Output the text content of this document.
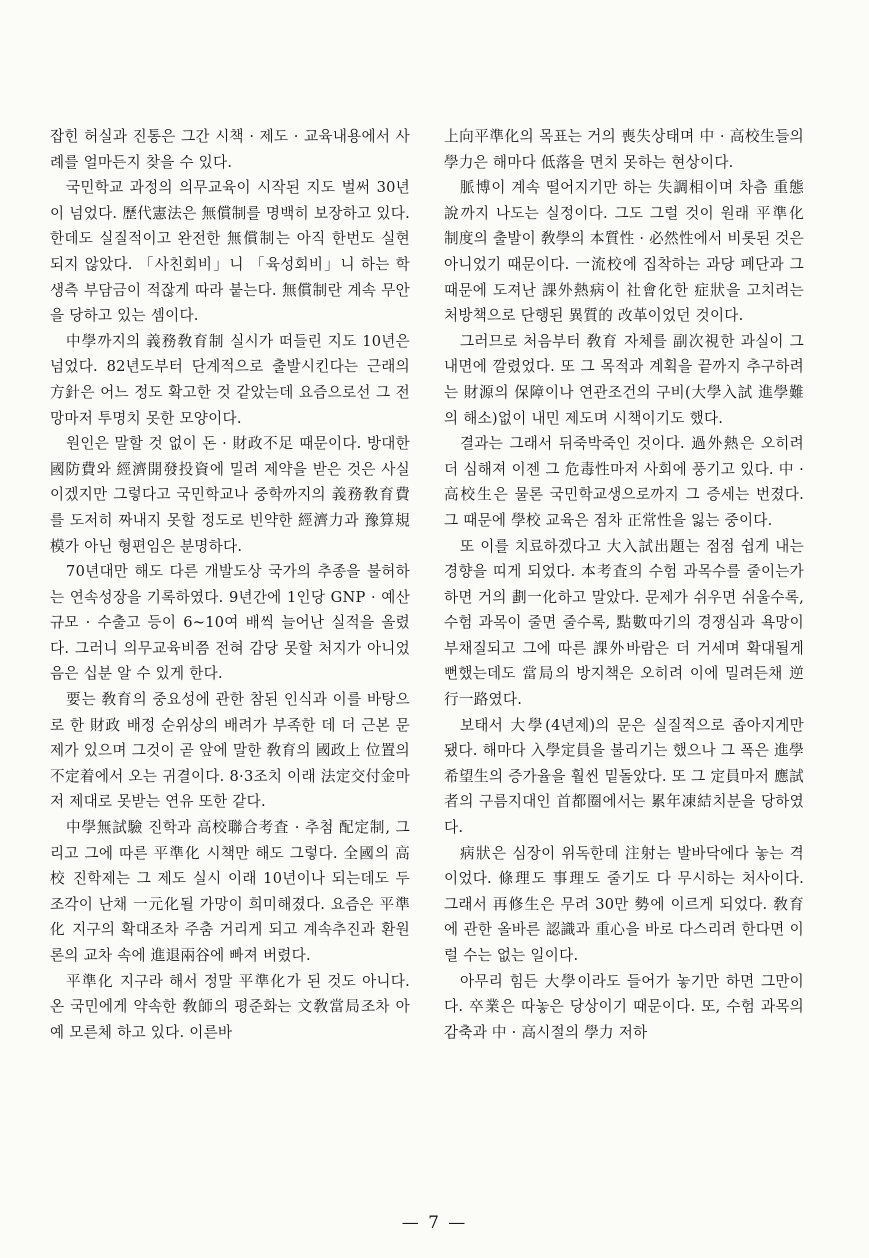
잡힌 허실과 진통은 그간 시책 · 제도 · 교육내용에서 사례를 얼마든지 찾을 수 있다.

국민학교 과정의 의무교육이 시작된 지도 벌써 30년이 넘었다. 歷代憲法은 無償制를 명백히 보장하고 있다. 한데도 실질적이고 완전한 無償制는 아직 한번도 실현되지 않았다. 「사친회비」니 「육성회비」니 하는 학생측 부담금이 적잖게 따라 붙는다. 無償制란 계속 무안을 당하고 있는 셈이다.

中學까지의 義務敎育制 실시가 떠들린 지도 10년은 넘었다. 82년도부터 단계적으로 출발시킨다는 근래의 方針은 어느 정도 확고한 것 같았는데 요즘으로선 그 전망마저 투명치 못한 모양이다.

원인은 말할 것 없이 돈 · 財政不足 때문이다. 방대한 國防費와 經濟開發投資에 밀려 제약을 받은 것은 사실이겠지만 그렇다고 국민학교나 중학까지의 義務敎育費를 도저히 짜내지 못할 정도로 빈약한 經濟力과 豫算規模가 아닌 형편임은 분명하다.

70년대만 해도 다른 개발도상 국가의 추종을 불허하는 연속성장을 기록하였다. 9년간에 1인당 GNP · 예산규모 · 수출고 등이 6~10여 배씩 늘어난 실적을 올렸다. 그러니 의무교육비쯤 전혀 감당 못할 처지가 아니었음은 십분 알 수 있게 한다.

要는 敎育의 중요성에 관한 참된 인식과 이를 바탕으로 한 財政 배정 순위상의 배려가 부족한 데 더 근본 문제가 있으며 그것이 곧 앞에 말한 敎育의 國政上 位置의 不定着에서 오는 귀결이다. 8·3조치 이래 法定交付金마저 제대로 못받는 연유 또한 같다.

中學無試驗 진학과 高校聯合考査 · 추첨 配定制, 그리고 그에 따른 平準化 시책만 해도 그렇다. 全國의 高校 진학제는 그 제도 실시 이래 10년이나 되는데도 두 조각이 난채 一元化될 가망이 희미해졌다. 요즘은 平準化 지구의 확대조차 주춤 거리게 되고 계속추진과 환원론의 교차 속에 進退兩谷에 빠져 버렸다.

平準化 지구라 해서 정말 平準化가 된 것도 아니다. 온 국민에게 약속한 敎師의 평준화는 文敎當局조차 아예 모른체 하고 있다. 이른바

上向平準化의 목표는 거의 喪失상태며 中 · 高校生들의 學力은 해마다 低落을 면치 못하는 현상이다.

脈博이 계속 떨어지기만 하는 失調相이며 차츰 重態說까지 나도는 실정이다. 그도 그럴 것이 원래 平準化 制度의 출발이 敎學의 本質性 · 必然性에서 비롯된 것은 아니었기 때문이다. 一流校에 집착하는 과당 폐단과 그 때문에 도져난 課外熱病이 社會化한 症狀을 고치려는 처방책으로 단행된 異質的 改革이었던 것이다.

그러므로 처음부터 敎育 자체를 副次視한 과실이 그 내면에 깔렸었다. 또 그 목적과 계획을 끝까지 추구하려는 財源의 保障이나 연관조건의 구비(大學入試 進學難의 해소)없이 내민 제도며 시책이기도 했다.

결과는 그래서 뒤죽박죽인 것이다. 過外熱은 오히려 더 심해져 이젠 그 危毒性마저 사회에 풍기고 있다. 中 · 高校生은 물론 국민학교생으로까지 그 증세는 번졌다. 그 때문에 學校 교육은 점차 正常性을 잃는 중이다.

또 이를 치료하겠다고 大入試出題는 점점 쉽게 내는 경향을 띠게 되었다. 本考査의 수험 과목수를 줄이는가 하면 거의 劃一化하고 말았다. 문제가 쉬우면 쉬울수록, 수험 과목이 줄면 줄수록, 點數따기의 경쟁심과 욕망이 부채질되고 그에 따른 課外바람은 더 거세며 확대될게 뻔했는데도 當局의 방지책은 오히려 이에 밀려든채 逆行一路였다.

보태서 大學(4년제)의 문은 실질적으로 좁아지게만 됐다. 해마다 入學定員을 불리기는 했으나 그 폭은 進學 希望生의 증가율을 훨씬 밑돌았다. 또 그 定員마저 應試者의 구름지대인 首都圈에서는 累年凍結치분을 당하였다.

病狀은 심장이 위독한데 注射는 발바닥에다 놓는 격이었다. 條理도 事理도 줄기도 다 무시하는 처사이다. 그래서 再修生은 무려 30만 勢에 이르게 되었다. 敎育에 관한 올바른 認識과 重心을 바로 다스리려 한다면 이럴 수는 없는 일이다.

아무리 힘든 大學이라도 들어가 놓기만 하면 그만이다. 卒業은 따놓은 당상이기 때문이다. 또, 수험 과목의 감축과 中 · 高시절의 學力 저하

— 7 —
